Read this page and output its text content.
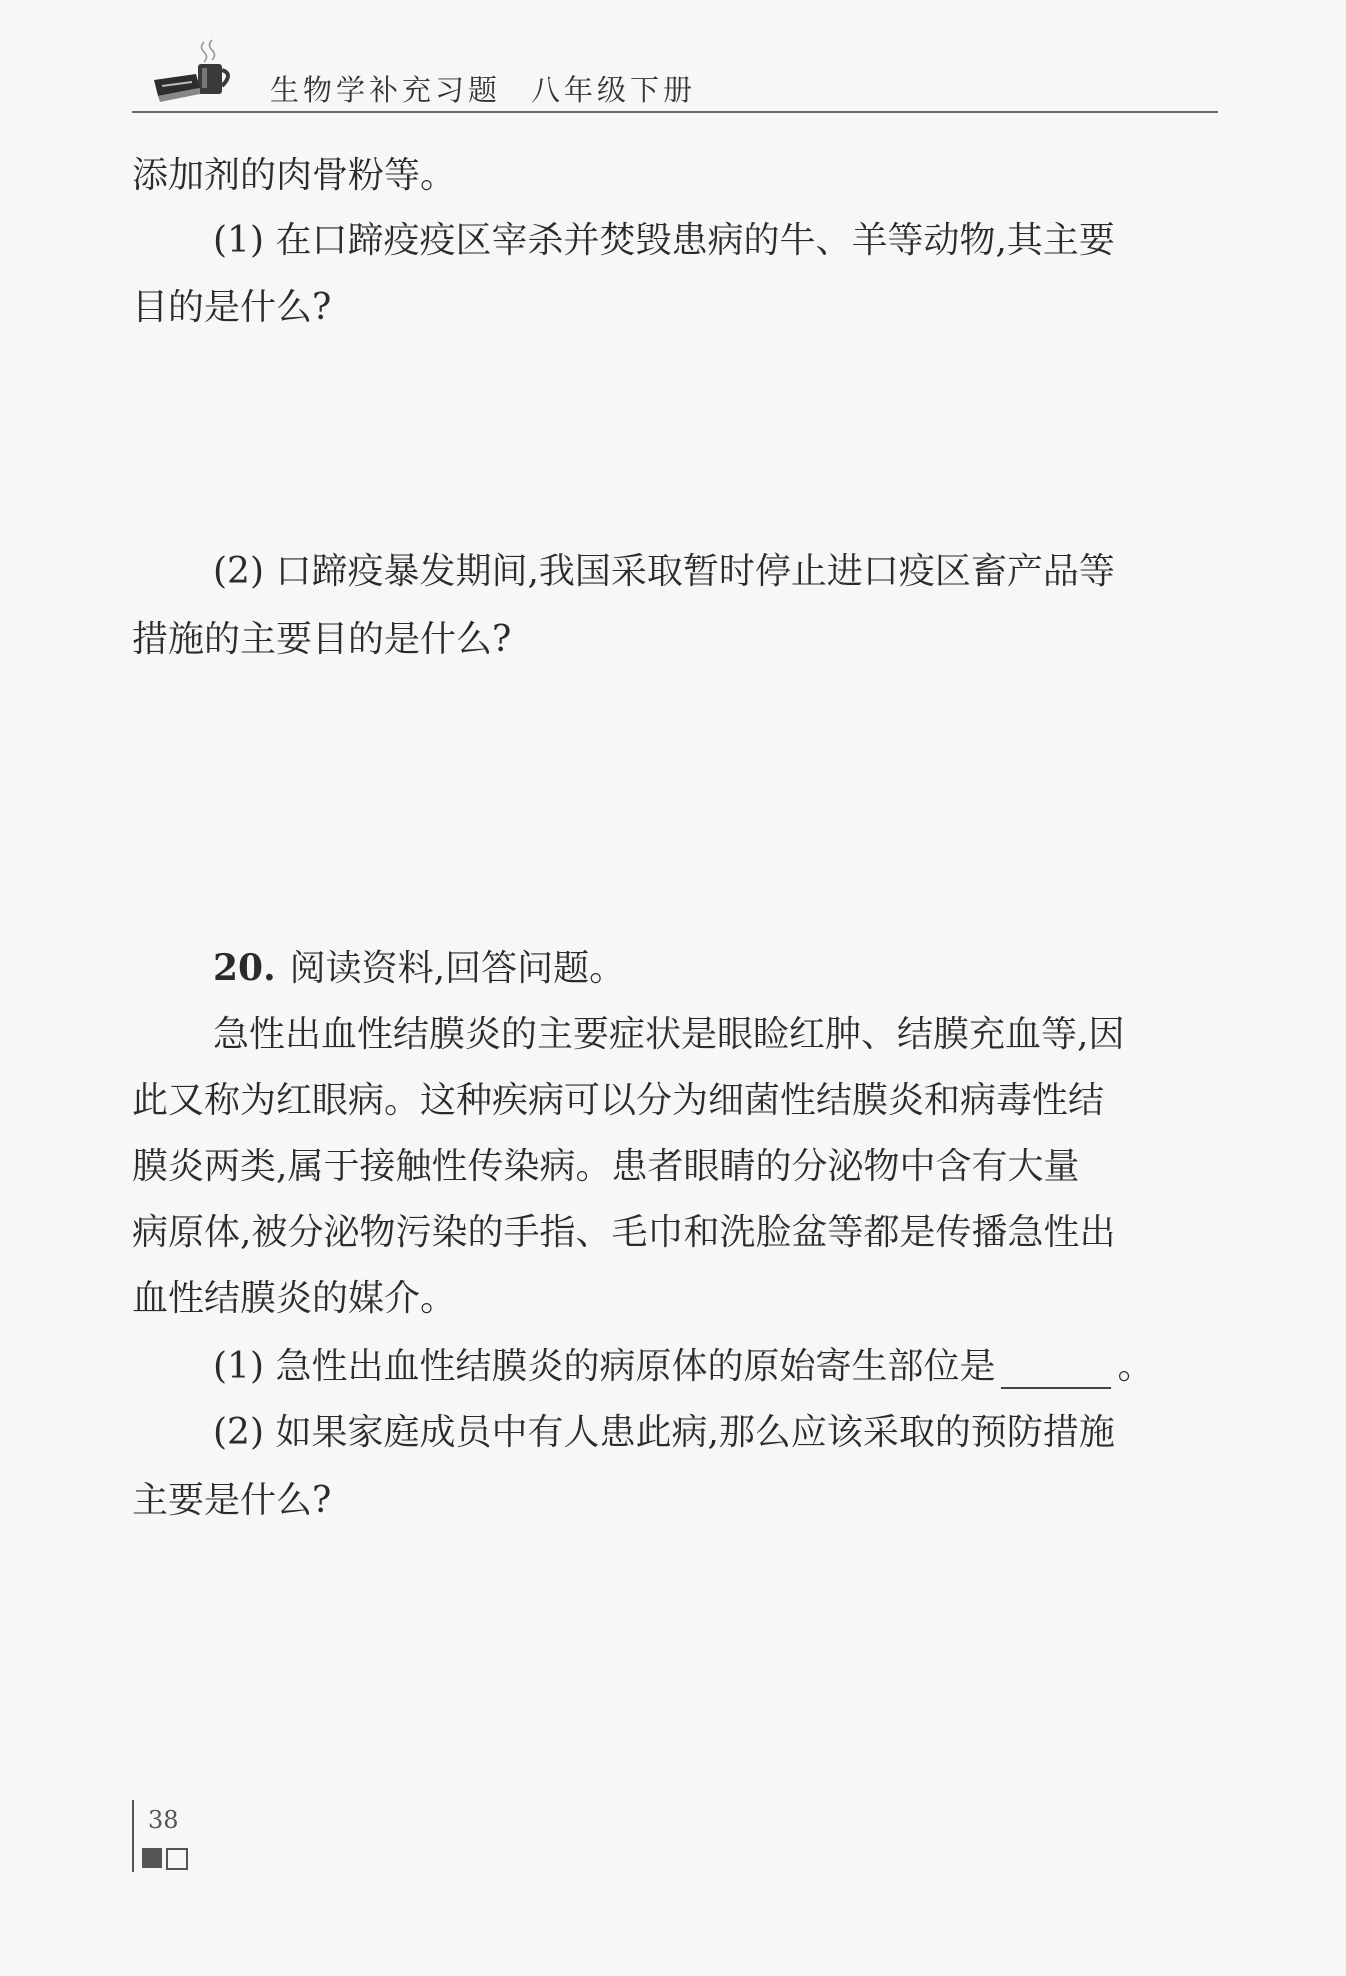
生物学补充习题 八年级下册
添加剂的肉骨粉等。
(1) 在口蹄疫疫区宰杀并焚毁患病的牛、羊等动物,其主要
目的是什么?
(2) 口蹄疫暴发期间,我国采取暂时停止进口疫区畜产品等
措施的主要目的是什么?
20. 阅读资料,回答问题。
急性出血性结膜炎的主要症状是眼睑红肿、结膜充血等,因
此又称为红眼病。这种疾病可以分为细菌性结膜炎和病毒性结
膜炎两类,属于接触性传染病。患者眼睛的分泌物中含有大量
病原体,被分泌物污染的手指、毛巾和洗脸盆等都是传播急性出
血性结膜炎的媒介。
(1) 急性出血性结膜炎的病原体的原始寄生部位是	。
(2) 如果家庭成员中有人患此病,那么应该采取的预防措施
主要是什么?
38
